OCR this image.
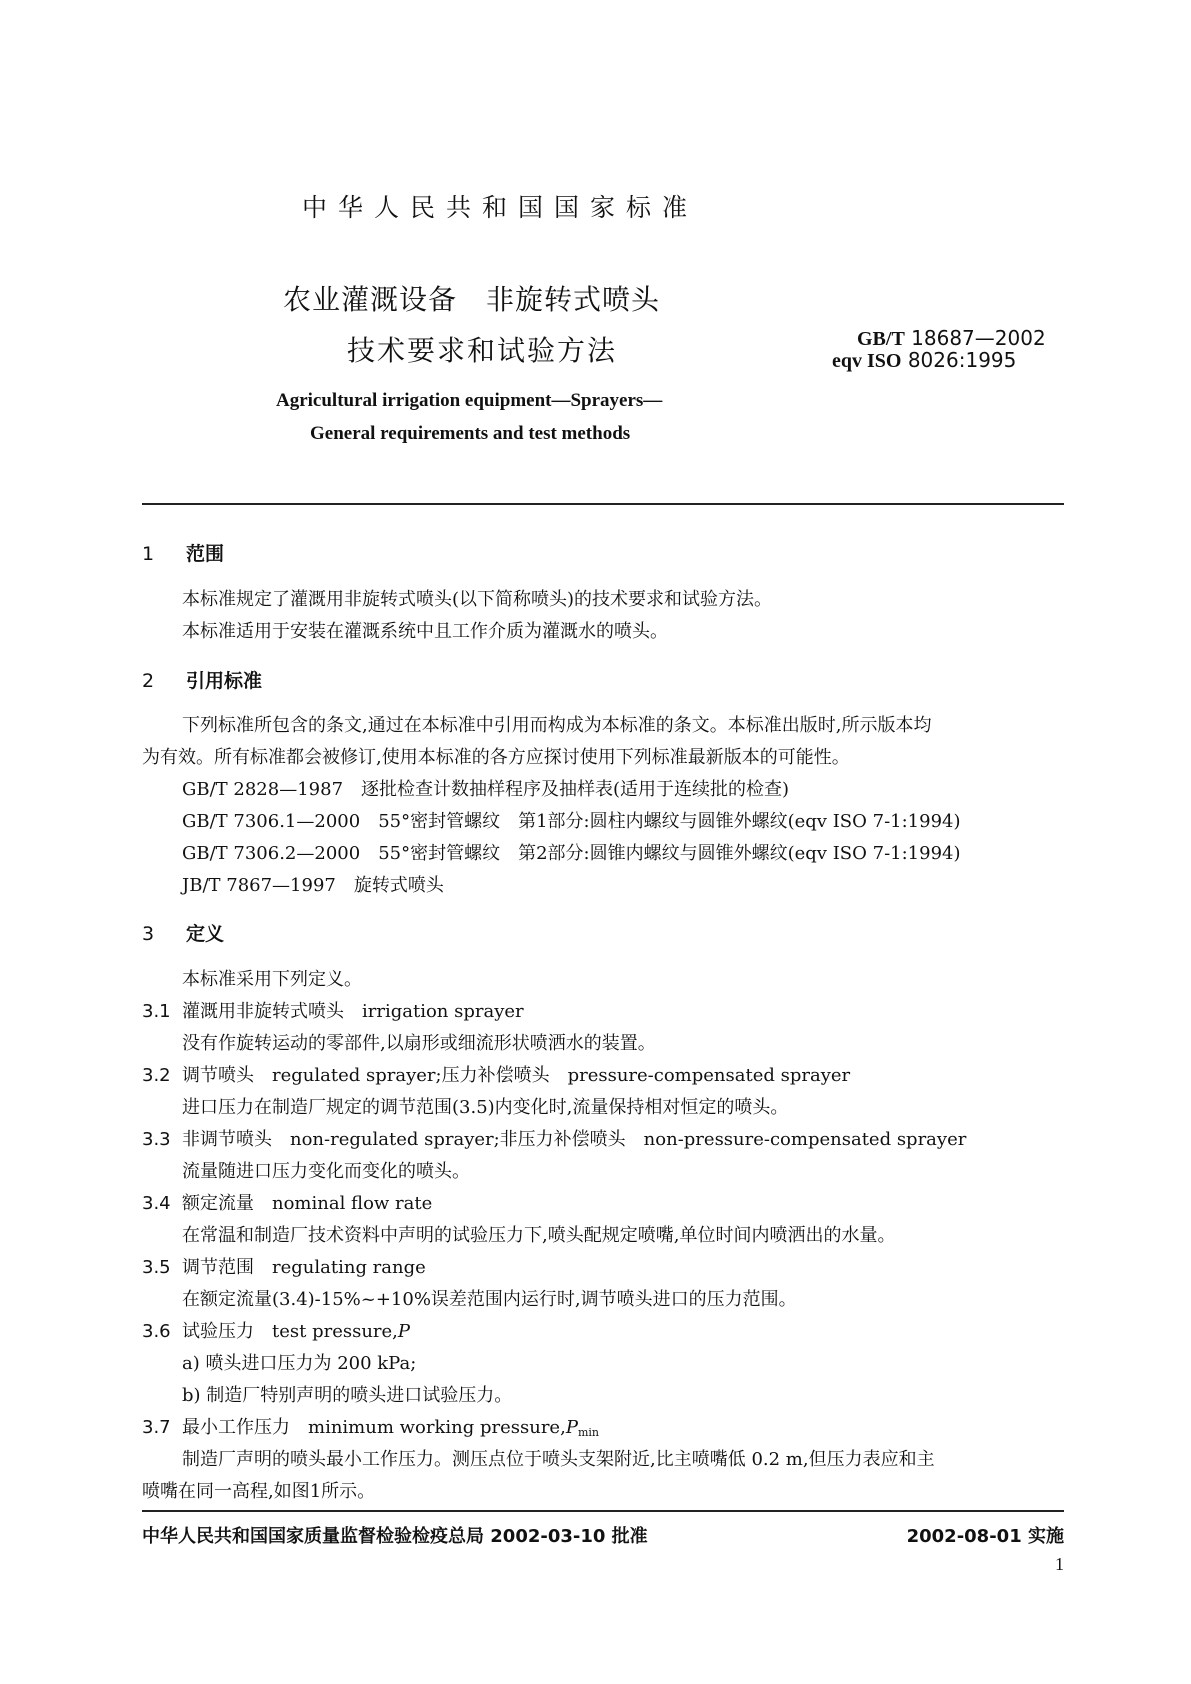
中华人民共和国国家标准
农业灌溉设备　非旋转式喷头
技术要求和试验方法	GB/T 18687—2002
eqv ISO 8026:1995
Agricultural irrigation equipment—Sprayers—
General requirements and test methods
1 范围
本标准规定了灌溉用非旋转式喷头(以下简称喷头)的技术要求和试验方法。
本标准适用于安装在灌溉系统中且工作介质为灌溉水的喷头。
2 引用标准
下列标准所包含的条文,通过在本标准中引用而构成为本标准的条文。本标准出版时,所示版本均
为有效。所有标准都会被修订,使用本标准的各方应探讨使用下列标准最新版本的可能性。
GB/T 2828—1987　逐批检查计数抽样程序及抽样表(适用于连续批的检查)
GB/T 7306.1—2000　55°密封管螺纹　第1部分:圆柱内螺纹与圆锥外螺纹(eqv ISO 7-1:1994)
GB/T 7306.2—2000　55°密封管螺纹　第2部分:圆锥内螺纹与圆锥外螺纹(eqv ISO 7-1:1994)
JB/T 7867—1997　旋转式喷头
3 定义
本标准采用下列定义。
3.1 灌溉用非旋转式喷头　irrigation sprayer
没有作旋转运动的零部件,以扇形或细流形状喷洒水的装置。
3.2 调节喷头　regulated sprayer;压力补偿喷头　pressure-compensated sprayer
进口压力在制造厂规定的调节范围(3.5)内变化时,流量保持相对恒定的喷头。
3.3 非调节喷头　non-regulated sprayer;非压力补偿喷头　non-pressure-compensated sprayer
流量随进口压力变化而变化的喷头。
3.4 额定流量　nominal flow rate
在常温和制造厂技术资料中声明的试验压力下,喷头配规定喷嘴,单位时间内喷洒出的水量。
3.5 调节范围　regulating range
在额定流量(3.4)-15%~+10%误差范围内运行时,调节喷头进口的压力范围。
3.6 试验压力　test pressure,P
a) 喷头进口压力为 200 kPa;
b) 制造厂特别声明的喷头进口试验压力。
3.7 最小工作压力　minimum working $pressure,P_{min}$
制造厂声明的喷头最小工作压力。测压点位于喷头支架附近,比主喷嘴低 0.2 m,但压力表应和主
喷嘴在同一高程,如图1所示。
中华人民共和国国家质量监督检验检疫总局 2002-03-10 批准	2002-08-01 实施
1
